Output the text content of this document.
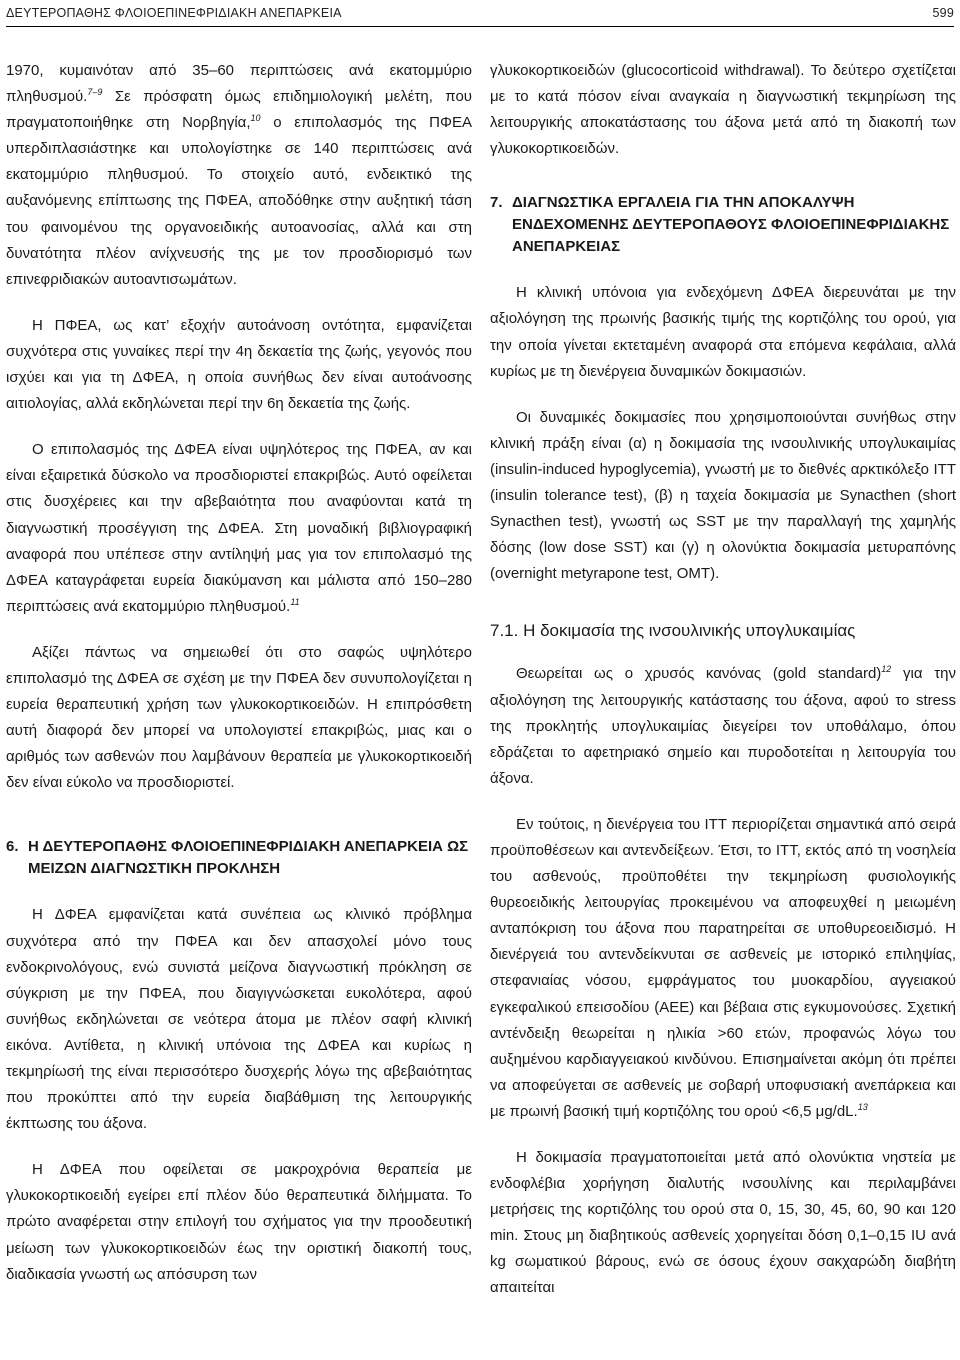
ΔΕΥΤΕΡΟΠΑΘΗΣ ΦΛΟΙΟΕΠΙΝΕΦΡΙΔΙΑΚΗ ΑΝΕΠΑΡΚΕΙΑ	599

1970, κυμαινόταν από 35‒60 περιπτώσεις ανά εκατομμύριο πληθυσμού.$^{7‒9}$ Σε πρόσφατη όμως επιδημιολογική μελέτη, που πραγματοποιήθηκε στη Νορβηγία,$^{10}$ ο επιπολασμός της ΠΦΕΑ υπερδιπλασιάστηκε και υπολογίστηκε σε 140 περιπτώσεις ανά εκατομμύριο πληθυσμού. Το στοιχείο αυτό, ενδεικτικό της αυξανόμενης επίπτωσης της ΠΦΕΑ, αποδόθηκε στην αυξητική τάση του φαινομένου της οργανοειδικής αυτοανοσίας, αλλά και στη δυνατότητα πλέον ανίχνευσής της με τον προσδιορισμό των επινεφριδιακών αυτοαντισωμάτων.

Η ΠΦΕΑ, ως κατ’ εξοχήν αυτοάνοση οντότητα, εμφανίζεται συχνότερα στις γυναίκες περί την 4η δεκαετία της ζωής, γεγονός που ισχύει και για τη ΔΦΕΑ, η οποία συνήθως δεν είναι αυτοάνοσης αιτιολογίας, αλλά εκδηλώνεται περί την 6η δεκαετία της ζωής.

Ο επιπολασμός της ΔΦΕΑ είναι υψηλότερος της ΠΦΕΑ, αν και είναι εξαιρετικά δύσκολο να προσδιοριστεί επακριβώς. Αυτό οφείλεται στις δυσχέρειες και την αβεβαιότητα που αναφύονται κατά τη διαγνωστική προσέγγιση της ΔΦΕΑ. Στη μοναδική βιβλιογραφική αναφορά που υπέπεσε στην αντίληψή μας για τον επιπολασμό της ΔΦΕΑ καταγράφεται ευρεία διακύμανση και μάλιστα από 150‒280 περιπτώσεις ανά εκατομμύριο πληθυσμού.$^{11}$

Αξίζει πάντως να σημειωθεί ότι στο σαφώς υψηλότερο επιπολασμό της ΔΦΕΑ σε σχέση με την ΠΦΕΑ δεν συνυπολογίζεται η ευρεία θεραπευτική χρήση των γλυκοκορτικοειδών. Η επιπρόσθετη αυτή διαφορά δεν μπορεί να υπολογιστεί επακριβώς, μιας και ο αριθμός των ασθενών που λαμβάνουν θεραπεία με γλυκοκορτικοειδή δεν είναι εύκολο να προσδιοριστεί.

6. Η ΔΕΥΤΕΡΟΠΑΘΗΣ ΦΛΟΙΟΕΠΙΝΕΦΡΙΔΙΑΚΗ ΑΝΕΠΑΡΚΕΙΑ ΩΣ ΜΕΙΖΩΝ ΔΙΑΓΝΩΣΤΙΚΗ ΠΡΟΚΛΗΣΗ

Η ΔΦΕΑ εμφανίζεται κατά συνέπεια ως κλινικό πρόβλημα συχνότερα από την ΠΦΕΑ και δεν απασχολεί μόνο τους ενδοκρινολόγους, ενώ συνιστά μείζονα διαγνωστική πρόκληση σε σύγκριση με την ΠΦΕΑ, που διαγιγνώσκεται ευκολότερα, αφού συνήθως εκδηλώνεται σε νεότερα άτομα με πλέον σαφή κλινική εικόνα. Αντίθετα, η κλινική υπόνοια της ΔΦΕΑ και κυρίως η τεκμηρίωσή της είναι περισσότερο δυσχερής λόγω της αβεβαιότητας που προκύπτει από την ευρεία διαβάθμιση της λειτουργικής έκπτωσης του άξονα.

Η ΔΦΕΑ που οφείλεται σε μακροχρόνια θεραπεία με γλυκοκορτικοειδή εγείρει επί πλέον δύο θεραπευτικά διλήμματα. Το πρώτο αναφέρεται στην επιλογή του σχήματος για την προοδευτική μείωση των γλυκοκορτικοειδών έως την οριστική διακοπή τους, διαδικασία γνωστή ως απόσυρση των

γλυκοκορτικοειδών (glucocorticoid withdrawal). Το δεύτερο σχετίζεται με το κατά πόσον είναι αναγκαία η διαγνωστική τεκμηρίωση της λειτουργικής αποκατάστασης του άξονα μετά από τη διακοπή των γλυκοκορτικοειδών.

7. ΔΙΑΓΝΩΣΤΙΚΑ ΕΡΓΑΛΕΙΑ ΓΙΑ ΤΗΝ ΑΠΟΚΑΛΥΨΗ ΕΝΔΕΧΟΜΕΝΗΣ ΔΕΥΤΕΡΟΠΑΘΟΥΣ ΦΛΟΙΟΕΠΙΝΕΦΡΙΔΙΑΚΗΣ ΑΝΕΠΑΡΚΕΙΑΣ

Η κλινική υπόνοια για ενδεχόμενη ΔΦΕΑ διερευνάται με την αξιολόγηση της πρωινής βασικής τιμής της κορτιζόλης του ορού, για την οποία γίνεται εκτεταμένη αναφορά στα επόμενα κεφάλαια, αλλά κυρίως με τη διενέργεια δυναμικών δοκιμασιών.

Οι δυναμικές δοκιμασίες που χρησιμοποιούνται συνήθως στην κλινική πράξη είναι (α) η δοκιμασία της ινσουλινικής υπογλυκαιμίας (insulin-induced hypoglycemia), γνωστή με το διεθνές αρκτικόλεξο ITT (insulin tolerance test), (β) η ταχεία δοκιμασία με Synacthen (short Synacthen test), γνωστή ως SST με την παραλλαγή της χαμηλής δόσης (low dose SST) και (γ) η ολονύκτια δοκιμασία μετυραπόνης (overnight metyrapone test, OMT).

7.1. Η δοκιμασία της ινσουλινικής υπογλυκαιμίας

Θεωρείται ως ο χρυσός κανόνας (gold standard)$^{12}$ για την αξιολόγηση της λειτουργικής κατάστασης του άξονα, αφού το stress της προκλητής υπογλυκαιμίας διεγείρει τον υποθάλαμο, όπου εδράζεται το αφετηριακό σημείο και πυροδοτείται η λειτουργία του άξονα.

Εν τούτοις, η διενέργεια του ITT περιορίζεται σημαντικά από σειρά προϋποθέσεων και αντενδείξεων. Έτσι, το ITT, εκτός από τη νοσηλεία του ασθενούς, προϋποθέτει την τεκμηρίωση φυσιολογικής θυρεοειδικής λειτουργίας προκειμένου να αποφευχθεί η μειωμένη ανταπόκριση του άξονα που παρατηρείται σε υποθυρεοειδισμό. Η διενέργειά του αντενδείκνυται σε ασθενείς με ιστορικό επιληψίας, στεφανιαίας νόσου, εμφράγματος του μυοκαρδίου, αγγειακού εγκεφαλικού επεισοδίου (ΑΕΕ) και βέβαια στις εγκυμονούσες. Σχετική αντένδειξη θεωρείται η ηλικία >60 ετών, προφανώς λόγω του αυξημένου καρδιαγγειακού κινδύνου. Επισημαίνεται ακόμη ότι πρέπει να αποφεύγεται σε ασθενείς με σοβαρή υποφυσιακή ανεπάρκεια και με πρωινή βασική τιμή κορτιζόλης του ορού <6,5 μg/dL.$^{13}$

Η δοκιμασία πραγματοποιείται μετά από ολονύκτια νηστεία με ενδοφλέβια χορήγηση διαλυτής ινσουλίνης και περιλαμβάνει μετρήσεις της κορτιζόλης του ορού στα 0, 15, 30, 45, 60, 90 και 120 min. Στους μη διαβητικούς ασθενείς χορηγείται δόση 0,1‒0,15 IU ανά kg σωματικού βάρους, ενώ σε όσους έχουν σακχαρώδη διαβήτη απαιτείται
